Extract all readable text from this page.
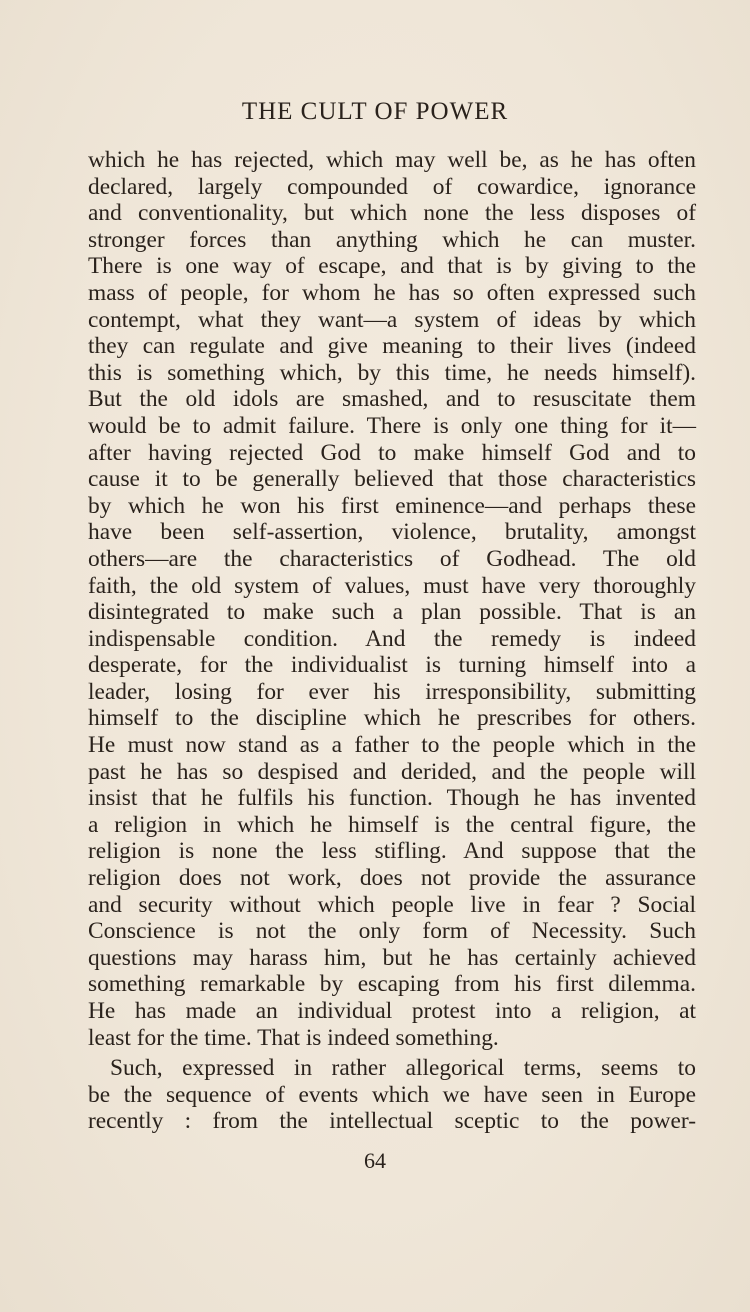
THE CULT OF POWER
which he has rejected, which may well be, as he has often
declared, largely compounded of cowardice, ignorance
and conventionality, but which none the less disposes of
stronger forces than anything which he can muster.
There is one way of escape, and that is by giving to the
mass of people, for whom he has so often expressed such
contempt, what they want—a system of ideas by which
they can regulate and give meaning to their lives (indeed
this is something which, by this time, he needs himself).
But the old idols are smashed, and to resuscitate them
would be to admit failure. There is only one thing for it—
after having rejected God to make himself God and to
cause it to be generally believed that those characteristics
by which he won his first eminence—and perhaps these
have been self-assertion, violence, brutality, amongst
others—are the characteristics of Godhead. The old
faith, the old system of values, must have very thoroughly
disintegrated to make such a plan possible. That is an
indispensable condition. And the remedy is indeed
desperate, for the individualist is turning himself into a
leader, losing for ever his irresponsibility, submitting
himself to the discipline which he prescribes for others.
He must now stand as a father to the people which in the
past he has so despised and derided, and the people will
insist that he fulfils his function. Though he has invented
a religion in which he himself is the central figure, the
religion is none the less stifling. And suppose that the
religion does not work, does not provide the assurance
and security without which people live in fear ? Social
Conscience is not the only form of Necessity. Such
questions may harass him, but he has certainly achieved
something remarkable by escaping from his first dilemma.
He has made an individual protest into a religion, at
least for the time. That is indeed something.
Such, expressed in rather allegorical terms, seems to
be the sequence of events which we have seen in Europe
recently : from the intellectual sceptic to the power-
64
